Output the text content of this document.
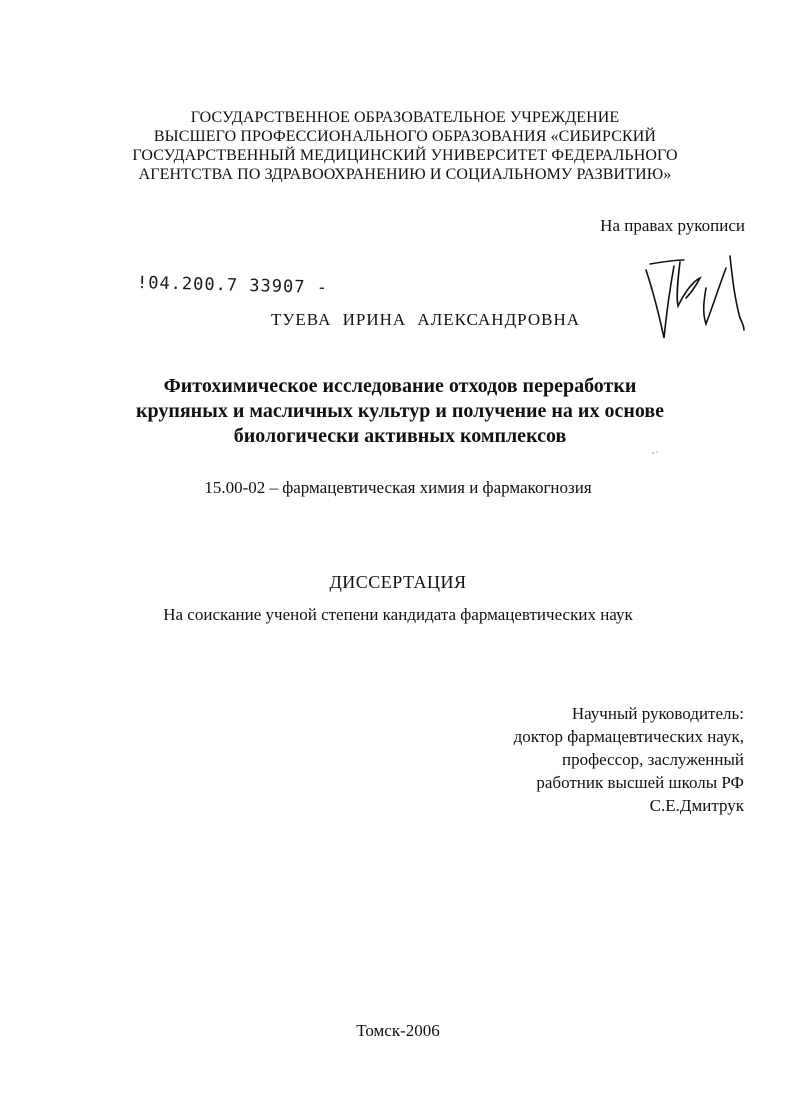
ГОСУДАРСТВЕННОЕ ОБРАЗОВАТЕЛЬНОЕ УЧРЕЖДЕНИЕ
ВЫСШЕГО ПРОФЕССИОНАЛЬНОГО ОБРАЗОВАНИЯ «СИБИРСКИЙ
ГОСУДАРСТВЕННЫЙ МЕДИЦИНСКИЙ УНИВЕРСИТЕТ ФЕДЕРАЛЬНОГО
АГЕНТСТВА ПО ЗДРАВООХРАНЕНИЮ И СОЦИАЛЬНОМУ РАЗВИТИЮ»
На правах рукописи
!04.200.7 33907 -
ТУЕВА ИРИНА АЛЕКСАНДРОВНА
Фитохимическое исследование отходов переработки
крупяных и масличных культур и получение на их основе
биологически активных комплексов
15.00-02 – фармацевтическая химия и фармакогнозия
ДИССЕРТАЦИЯ
На соискание ученой степени кандидата фармацевтических наук
Научный руководитель:
доктор фармацевтических наук,
профессор, заслуженный
работник высшей школы РФ
С.Е.Дмитрук
Томск-2006
